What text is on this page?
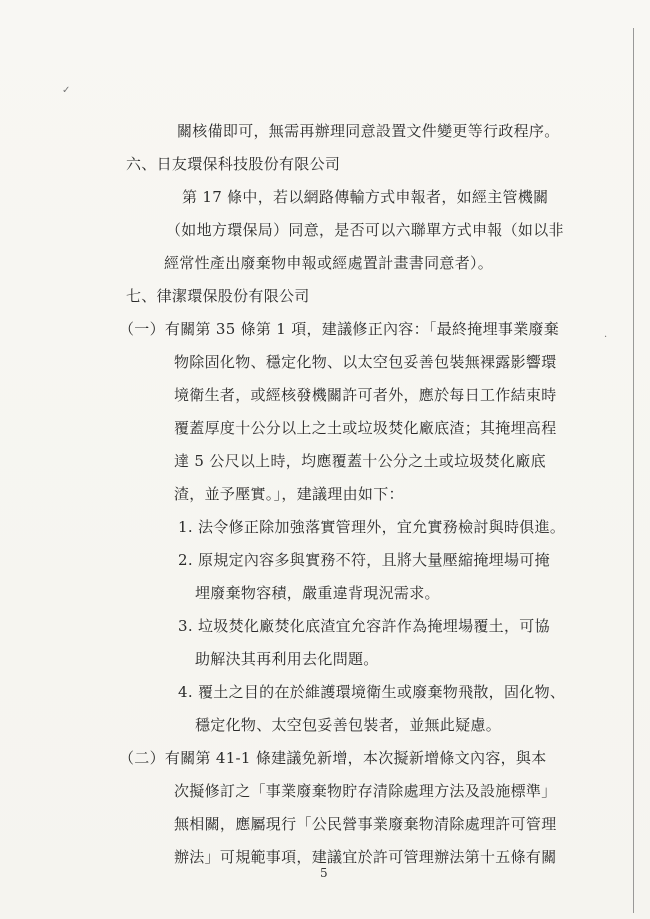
✓
·
關核備即可，無需再辦理同意設置文件變更等行政程序。
六、日友環保科技股份有限公司
第 17 條中，若以網路傳輸方式申報者，如經主管機關
（如地方環保局）同意，是否可以六聯單方式申報（如以非
經常性產出廢棄物申報或經處置計畫書同意者）。
七、律潔環保股份有限公司
（一）有關第 35 條第 1 項，建議修正內容：「最終掩埋事業廢棄
物除固化物、穩定化物、以太空包妥善包裝無裸露影響環
境衛生者，或經核發機關許可者外，應於每日工作結束時
覆蓋厚度十公分以上之土或垃圾焚化廠底渣；其掩埋高程
達 5 公尺以上時，均應覆蓋十公分之土或垃圾焚化廠底
渣，並予壓實。」，建議理由如下：
1. 法令修正除加強落實管理外，宜允實務檢討與時俱進。
2. 原規定內容多與實務不符，且將大量壓縮掩埋場可掩
埋廢棄物容積，嚴重違背現況需求。
3. 垃圾焚化廠焚化底渣宜允容許作為掩埋場覆土，可協
助解決其再利用去化問題。
4. 覆土之目的在於維護環境衛生或廢棄物飛散，固化物、
穩定化物、太空包妥善包裝者，並無此疑慮。
（二）有關第 41-1 條建議免新增，本次擬新增條文內容，與本
次擬修訂之「事業廢棄物貯存清除處理方法及設施標準」
無相關，應屬現行「公民營事業廢棄物清除處理許可管理
辦法」可規範事項，建議宜於許可管理辦法第十五條有關
5
